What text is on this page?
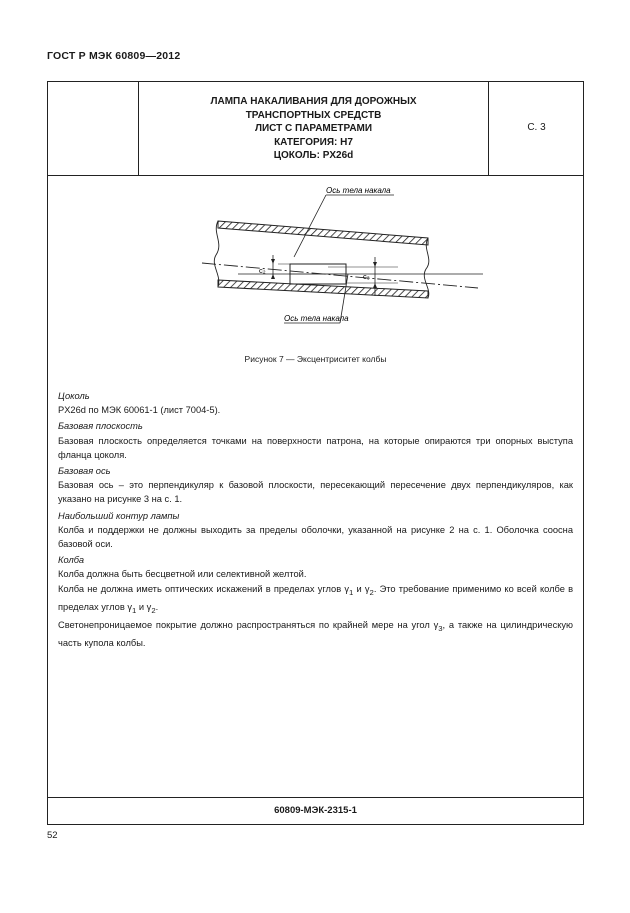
ГОСТ Р МЭК 60809—2012
ЛАМПА НАКАЛИВАНИЯ ДЛЯ ДОРОЖНЫХ
ТРАНСПОРТНЫХ СРЕДСТВ
ЛИСТ С ПАРАМЕТРАМИ
КАТЕГОРИЯ: H7
ЦОКОЛЬ: PX26d
С. 3
Ось тела накала
Ось тела накала
c₂
c₃
Рисунок 7 — Эксцентриситет колбы

Цоколь

PX26d по МЭК 60061-1 (лист 7004-5).

Базовая плоскость

Базовая плоскость определяется точками на поверхности патрона, на которые опираются три опорных выступа фланца цоколя.

Базовая ось

Базовая ось – это перпендикуляр к базовой плоскости, пересекающий пересечение двух перпендикуляров, как указано на рисунке 3 на с. 1.

Наибольший контур лампы

Колба и поддержки не должны выходить за пределы оболочки, указанной на рисунке 2 на с. 1. Оболочка соосна базовой оси.

Колба

Колба должна быть бесцветной или селективной желтой.

Колба не должна иметь оптических искажений в пределах углов $\gamma_1$ и $\gamma_2$. Это требование применимо ко всей колбе в пределах углов $\gamma_1$ и $\gamma_2$.

Светонепроницаемое покрытие должно распространяться по крайней мере на угол $\gamma_3$, а также на цилиндрическую часть купола колбы.

60809-МЭК-2315-1
52
